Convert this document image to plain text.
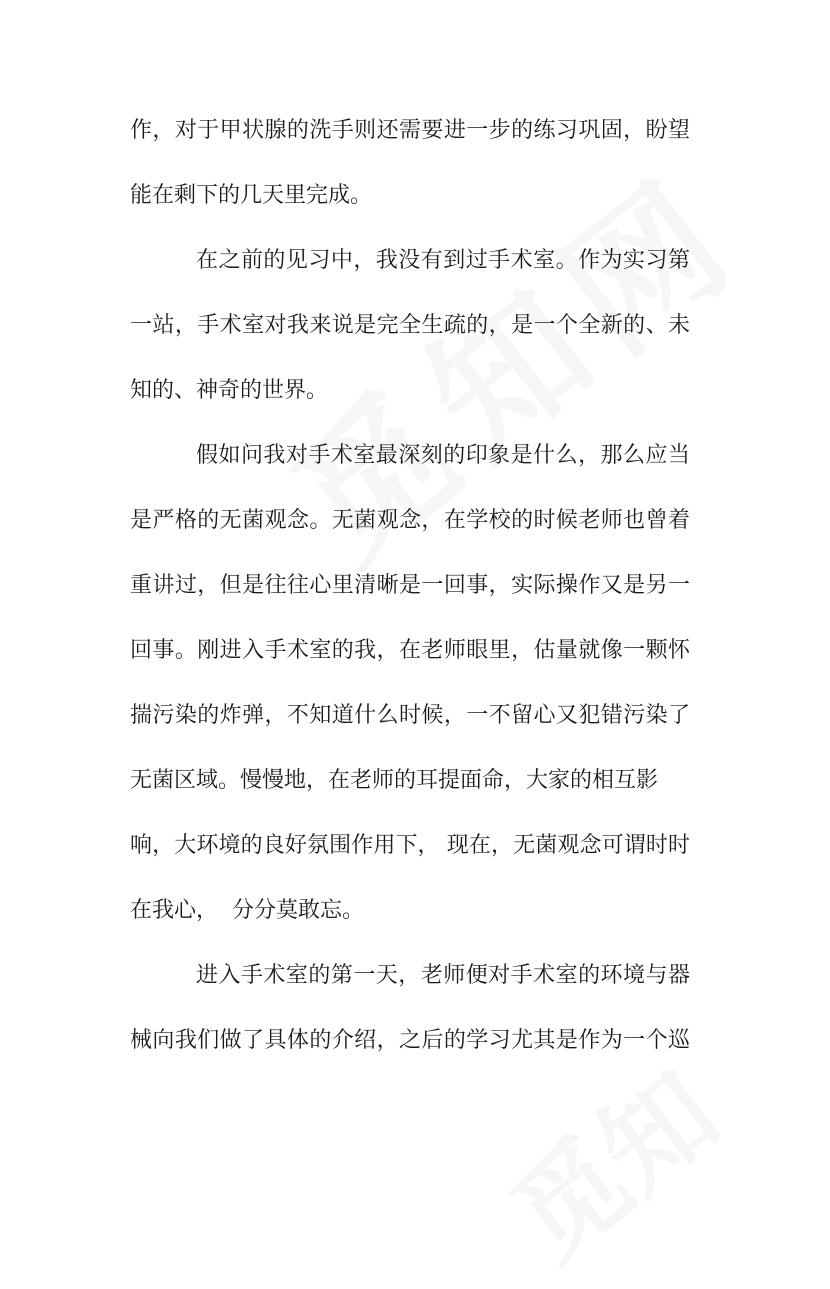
作，对于甲状腺的洗手则还需要进一步的练习巩固，盼望
能在剩下的几天里完成。
在之前的见习中，我没有到过手术室。作为实习第
一站，手术室对我来说是完全生疏的，是一个全新的、未
知的、神奇的世界。
假如问我对手术室最深刻的印象是什么，那么应当
是严格的无菌观念。无菌观念，在学校的时候老师也曾着
重讲过，但是往往心里清晰是一回事，实际操作又是另一
回事。刚进入手术室的我，在老师眼里，估量就像一颗怀
揣污染的炸弹，不知道什么时候，一不留心又犯错污染了
无菌区域。慢慢地，在老师的耳提面命，大家的相互影
响，大环境的良好氛围作用下， 现在，无菌观念可谓时时
在我心，  分分莫敢忘。
进入手术室的第一天，老师便对手术室的环境与器
械向我们做了具体的介绍，之后的学习尤其是作为一个巡
